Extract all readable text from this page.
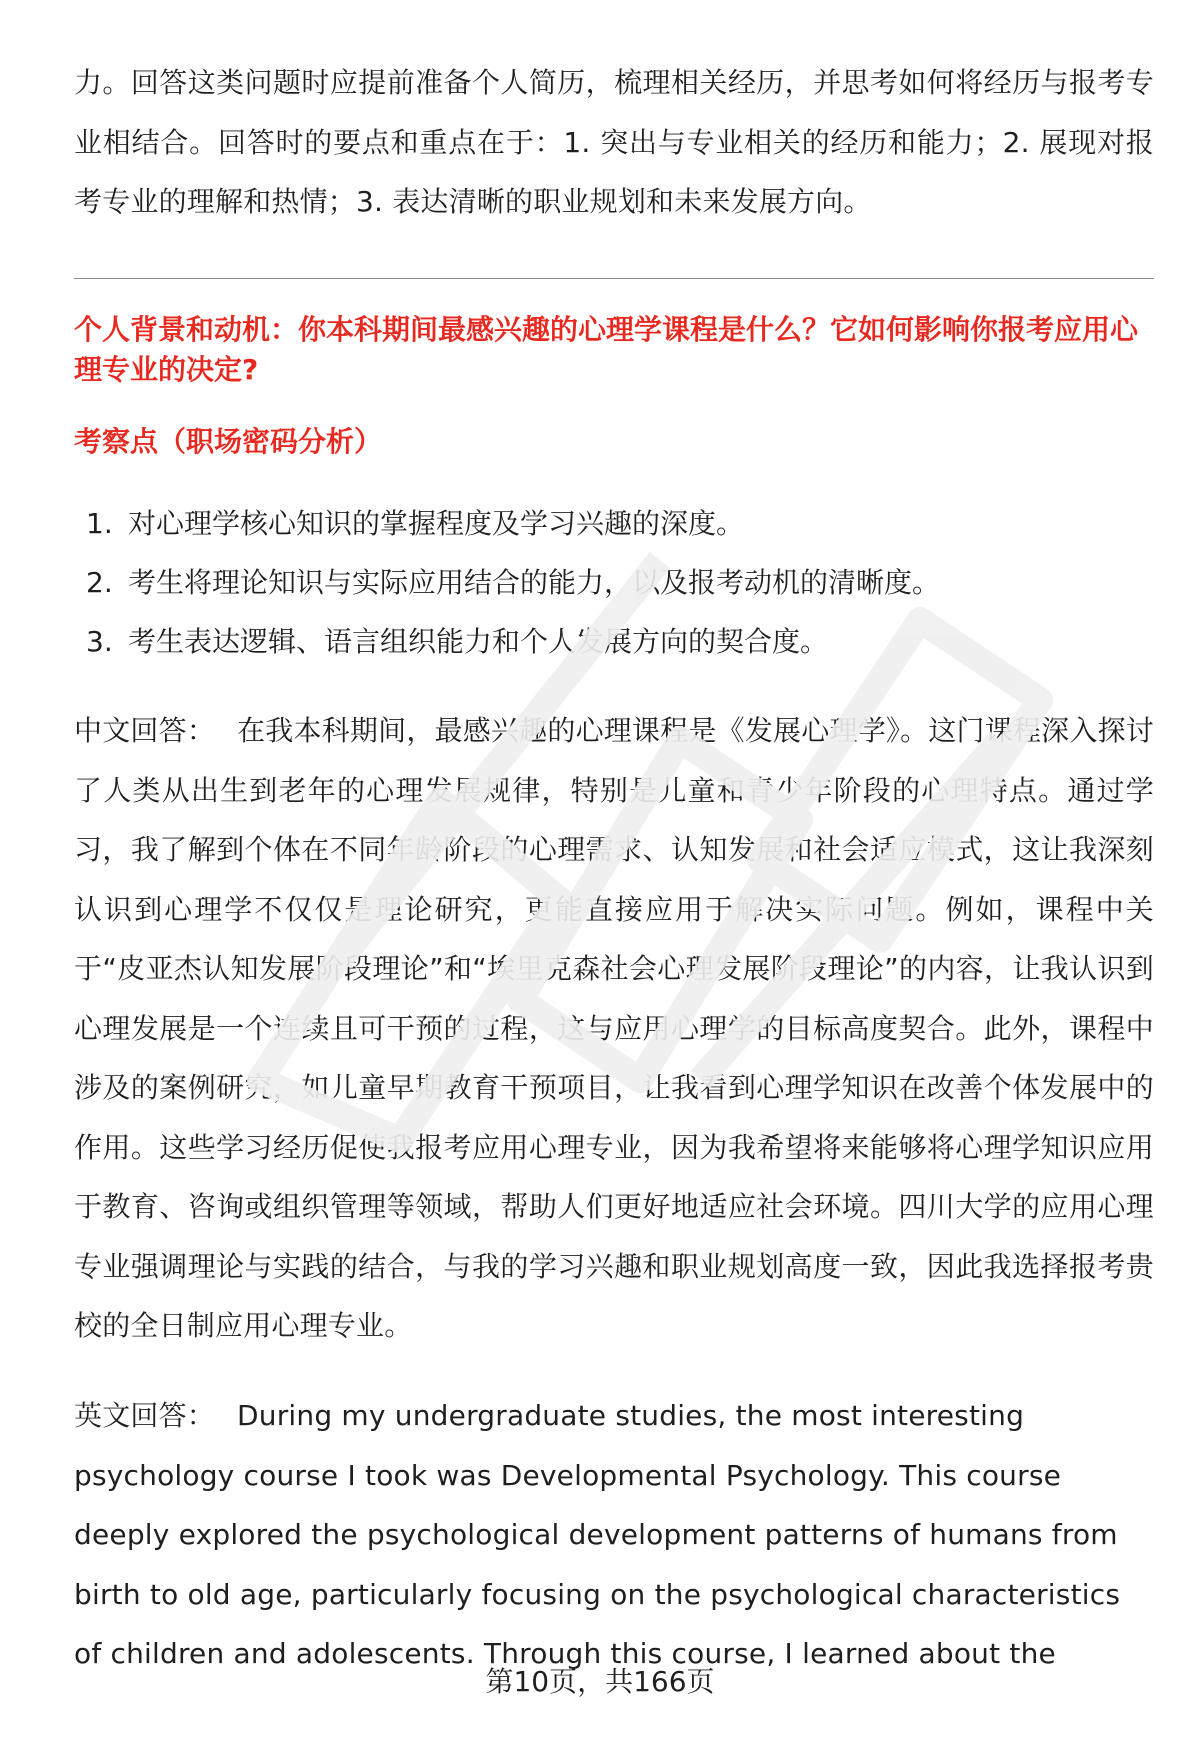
力。回答这类问题时应提前准备个人简历，梳理相关经历，并思考如何将经历与报考专业相结合。回答时的要点和重点在于：1. 突出与专业相关的经历和能力；2. 展现对报考专业的理解和热情；3. 表达清晰的职业规划和未来发展方向。

个人背景和动机：你本科期间最感兴趣的心理学课程是什么？它如何影响你报考应用心理专业的决定?
考察点（职场密码分析）
1. 对心理学核心知识的掌握程度及学习兴趣的深度。
2. 考生将理论知识与实际应用结合的能力，以及报考动机的清晰度。
3. 考生表达逻辑、语言组织能力和个人发展方向的契合度。

中文回答： 在我本科期间，最感兴趣的心理课程是《发展心理学》。这门课程深入探讨了人类从出生到老年的心理发展规律，特别是儿童和青少年阶段的心理特点。通过学习，我了解到个体在不同年龄阶段的心理需求、认知发展和社会适应模式，这让我深刻认识到心理学不仅仅是理论研究，更能直接应用于解决实际问题。例如，课程中关于“皮亚杰认知发展阶段理论”和“埃里克森社会心理发展阶段理论”的内容，让我认识到心理发展是一个连续且可干预的过程，这与应用心理学的目标高度契合。此外，课程中涉及的案例研究，如儿童早期教育干预项目，让我看到心理学知识在改善个体发展中的作用。这些学习经历促使我报考应用心理专业，因为我希望将来能够将心理学知识应用于教育、咨询或组织管理等领域，帮助人们更好地适应社会环境。四川大学的应用心理专业强调理论与实践的结合，与我的学习兴趣和职业规划高度一致，因此我选择报考贵校的全日制应用心理专业。

英文回答： During my undergraduate studies, the most interesting psychology course I took was Developmental Psychology. This course deeply explored the psychological development patterns of humans from birth to old age, particularly focusing on the psychological characteristics of children and adolescents. Through this course, I learned about the

第10页，共166页
